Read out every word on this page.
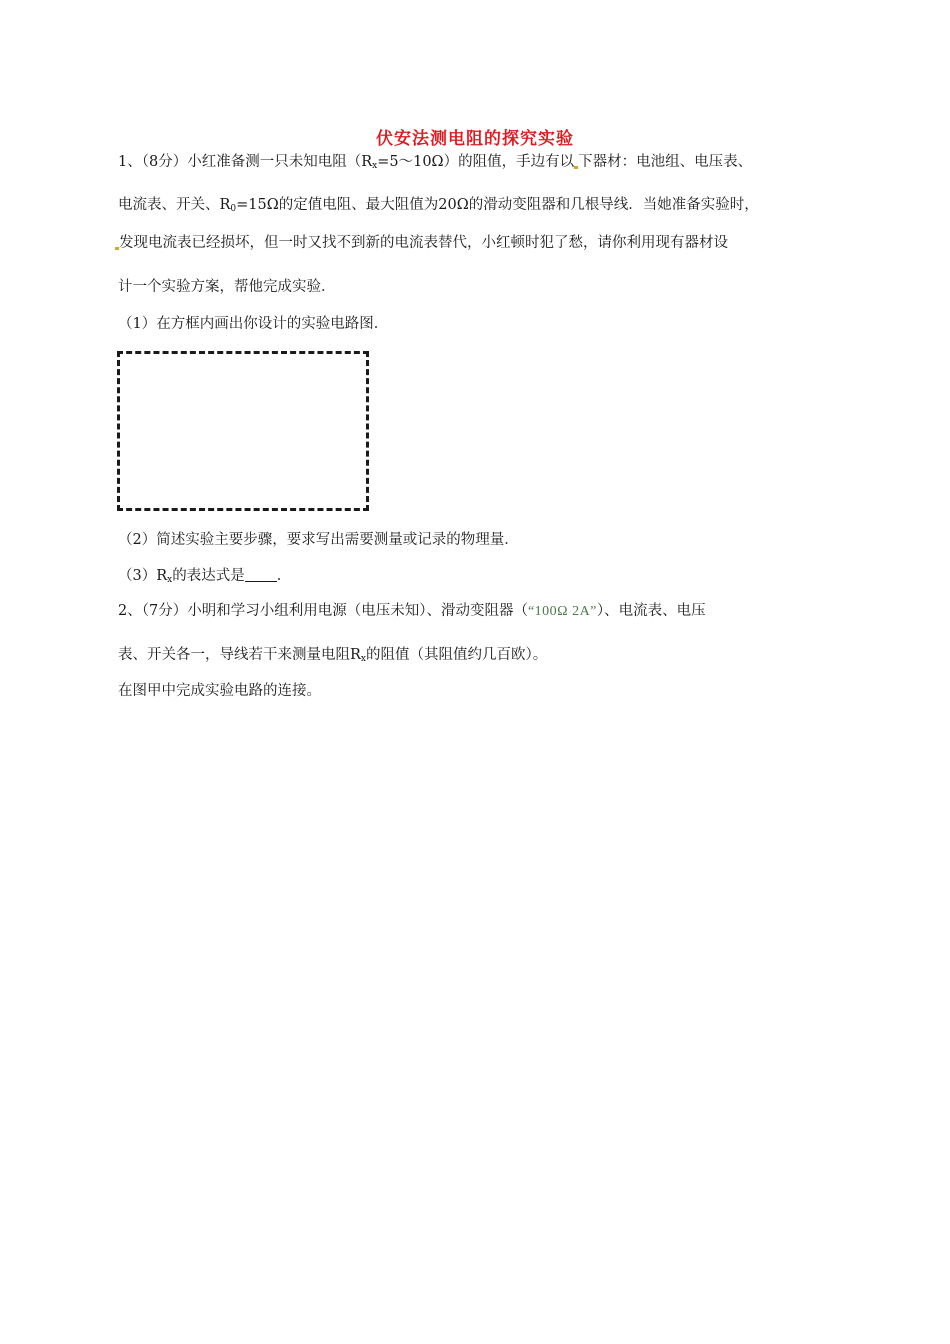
伏安法测电阻的探究实验
1、（8分）小红准备测一只未知电阻$(R_x=5\sim 10\Omega)$的阻值，手边有以 下器材：电池组、电压表、
电流表、开关、$R_0=15\Omega$的定值电阻、最大阻值为20Ω的滑动变阻器和几根导线．当她准备实验时，
发现电流表已经损坏，但一时又找不到新的电流表替代，小红顿时犯了愁，请你利用现有器材设
计一个实验方案，帮他完成实验．
（1）在方框内画出你设计的实验电路图．
（2）简述实验主要步骤，要求写出需要测量或记录的物理量．
$(3)R_x$的表达式是 ．
2、（7分）小明和学习小组利用电源（电压未知）、滑动变阻器（“100Ω 2A”）、电流表、电压
表、开关各一，导线若干来测量电阻$R_x$的阻值（其阻值约几百欧）。
在图甲中完成实验电路的连接。
